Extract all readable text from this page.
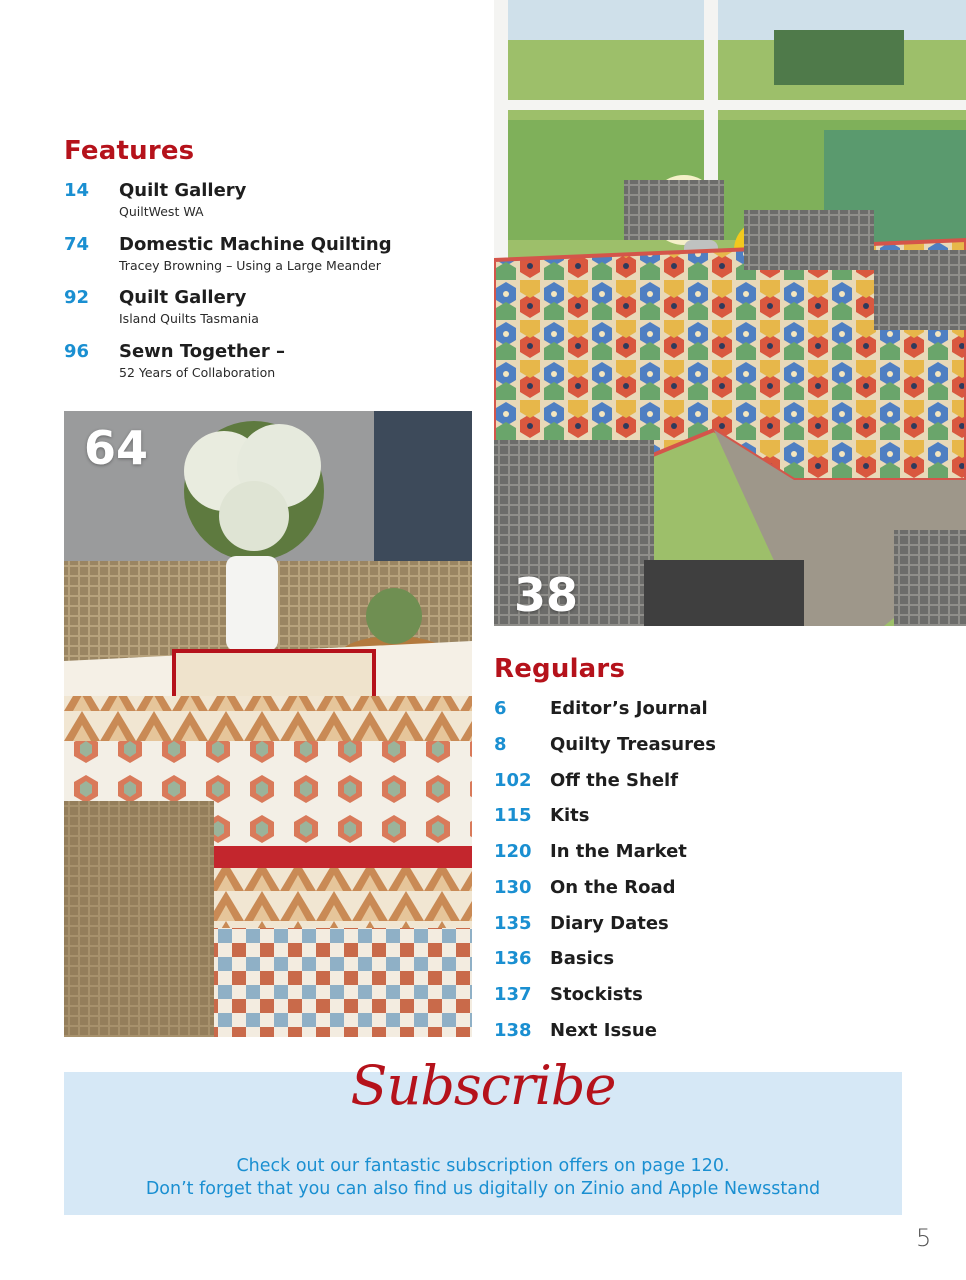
Features
14 Quilt Gallery
QuiltWest WA
74 Domestic Machine Quilting
Tracey Browning – Using a Large Meander
92 Quilt Gallery
Island Quilts Tasmania
96 Sewn Together –
52 Years of Collaboration
64
38
Regulars
6 Editor’s Journal
8 Quilty Treasures
102 Off the Shelf
115 Kits
120 In the Market
130 On the Road
135 Diary Dates
136 Basics
137 Stockists
138 Next Issue
Subscribe
Check out our fantastic subscription offers on page 120.
Don’t forget that you can also find us digitally on Zinio and Apple Newsstand
5
